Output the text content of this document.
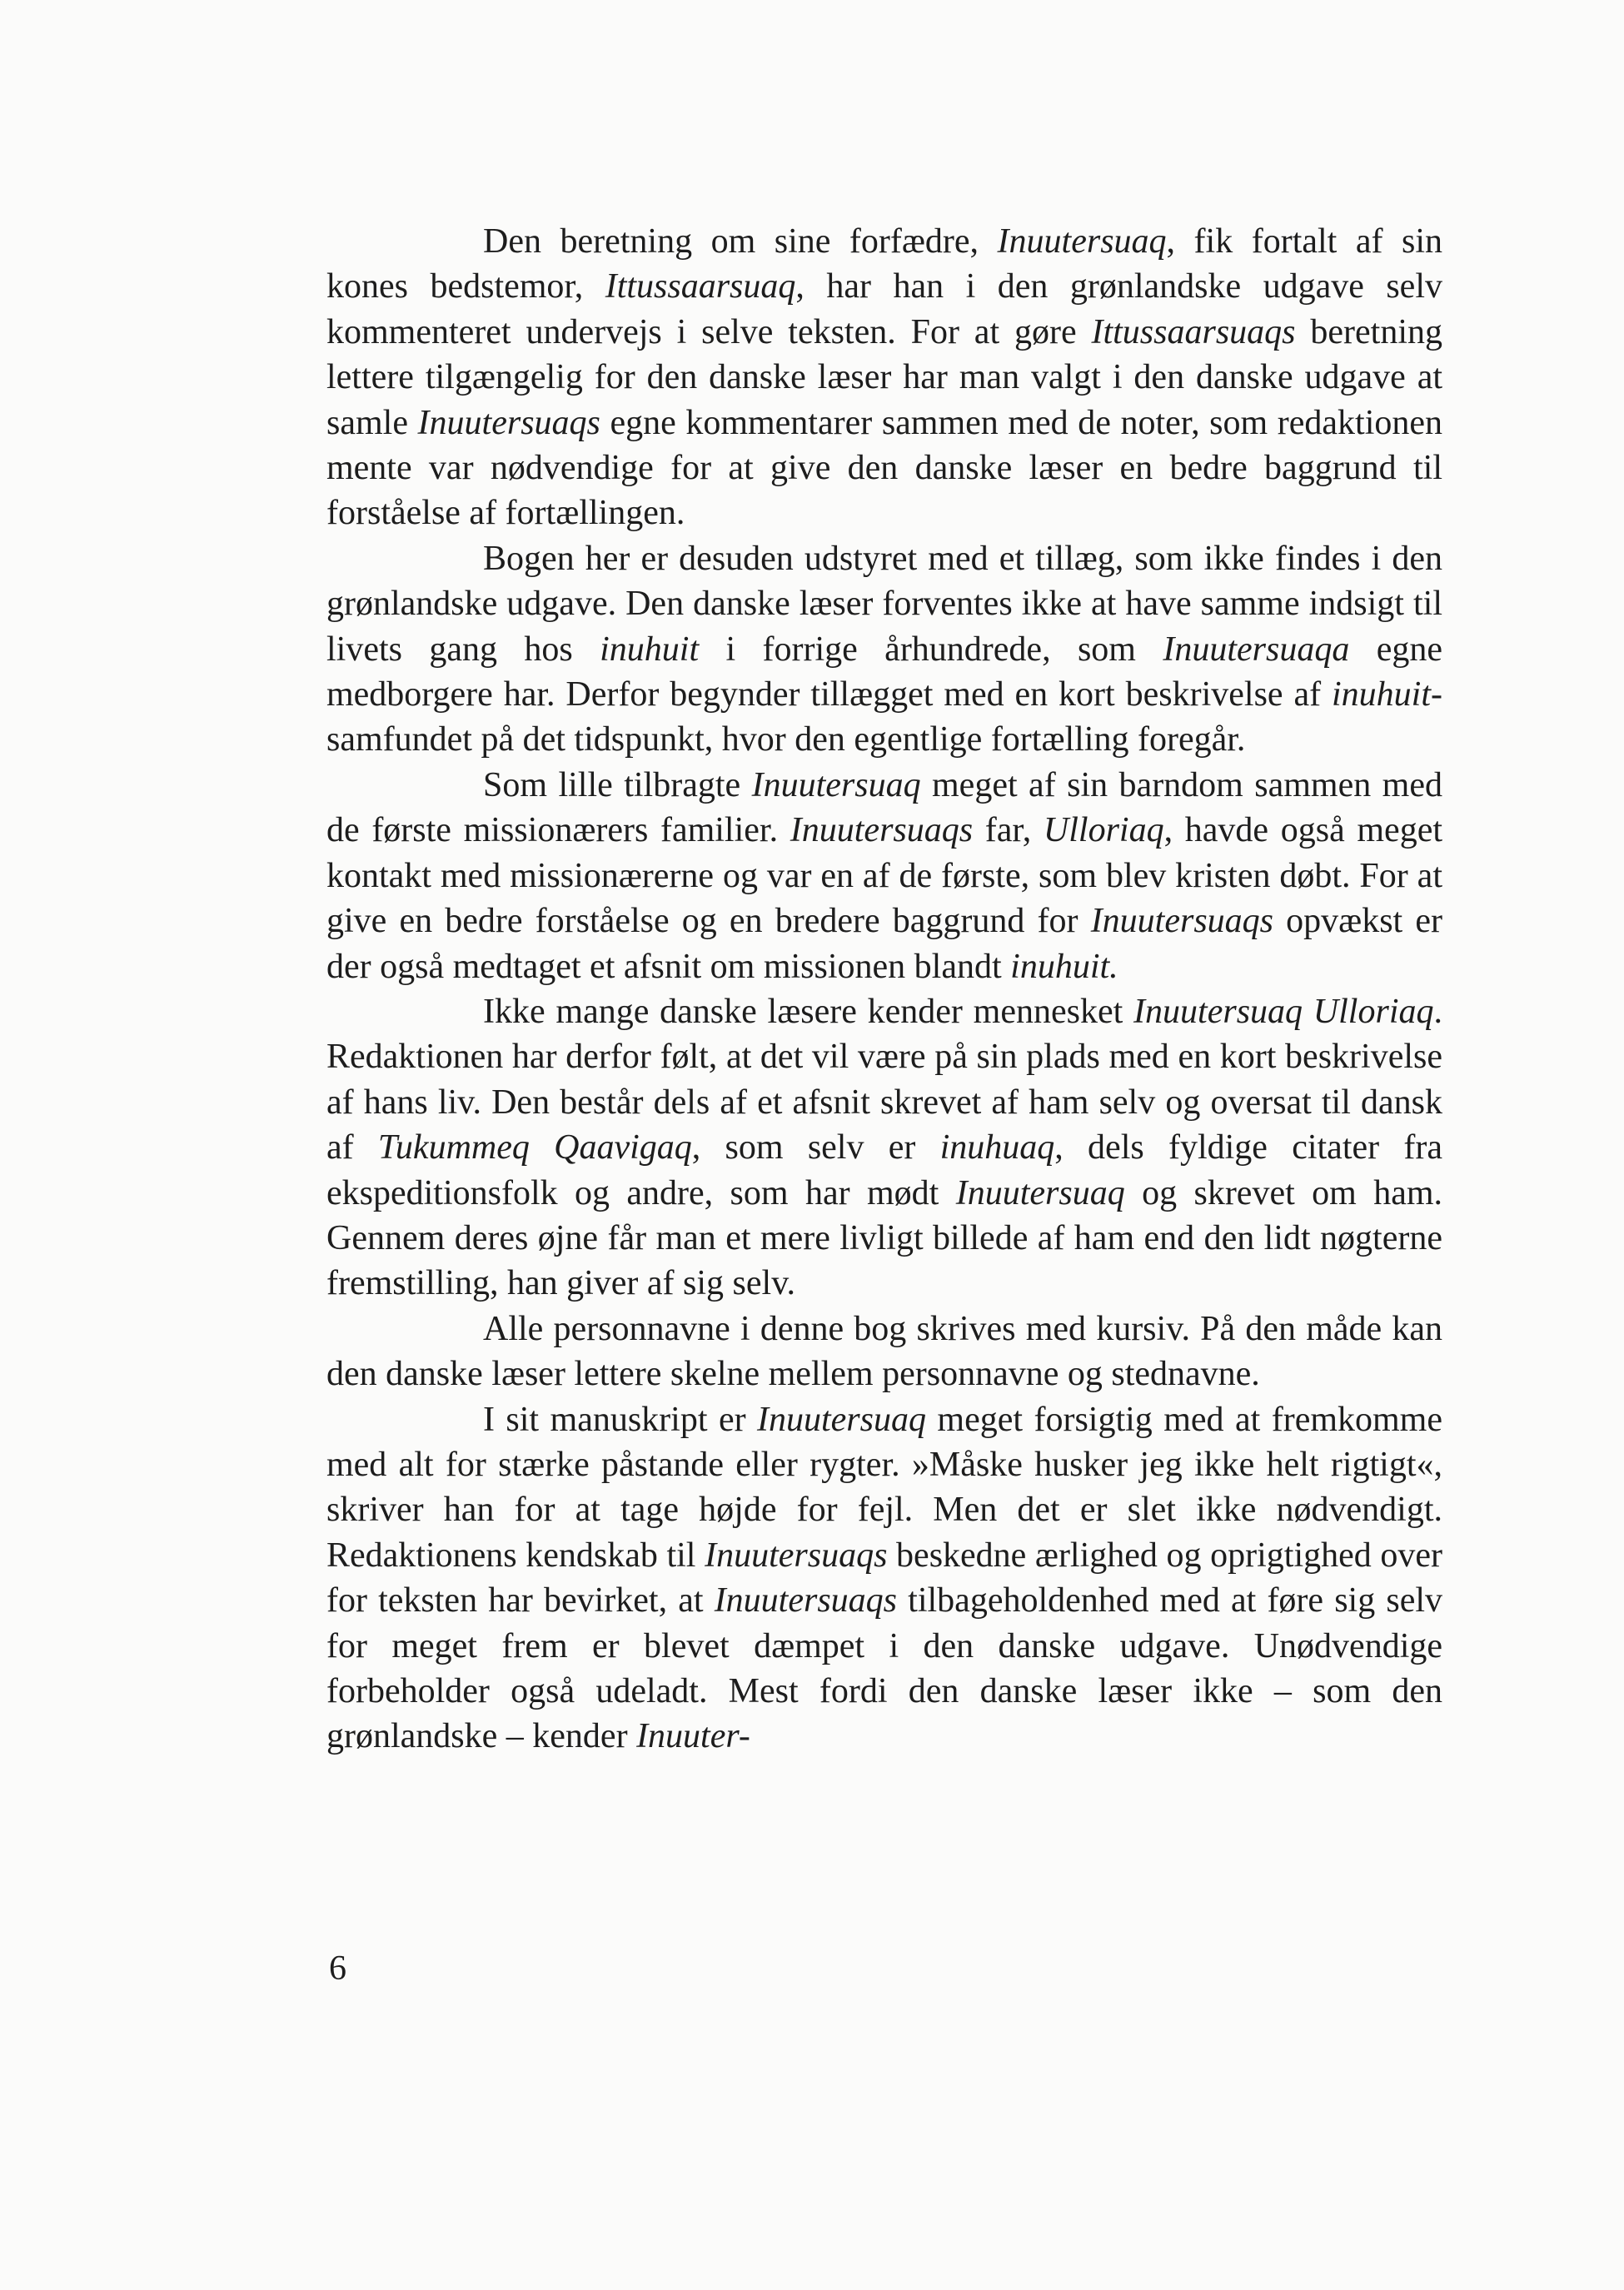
Den beretning om sine forfædre, Inuutersuaq, fik fortalt af sin kones bedstemor, Ittussaarsuaq, har han i den grønlandske udgave selv kommenteret undervejs i selve teksten. For at gøre Ittussaarsuaqs beretning lettere tilgængelig for den danske læser har man valgt i den danske udgave at samle Inuutersuaqs egne kommentarer sammen med de noter, som redaktionen mente var nødvendige for at give den danske læser en bedre baggrund til forståelse af fortællingen.

Bogen her er desuden udstyret med et tillæg, som ikke findes i den grønlandske udgave. Den danske læser forventes ikke at have samme indsigt til livets gang hos inuhuit i forrige århundrede, som Inuutersuaqa egne medborgere har. Derfor begynder tillægget med en kort beskrivelse af inuhuit-samfundet på det tidspunkt, hvor den egentlige fortælling foregår.

Som lille tilbragte Inuutersuaq meget af sin barndom sammen med de første missionærers familier. Inuutersuaqs far, Ulloriaq, havde også meget kontakt med missionærerne og var en af de første, som blev kristen døbt. For at give en bedre forståelse og en bredere baggrund for Inuutersuaqs opvækst er der også medtaget et afsnit om missionen blandt inuhuit.

Ikke mange danske læsere kender mennesket Inuutersuaq Ulloriaq. Redaktionen har derfor følt, at det vil være på sin plads med en kort beskrivelse af hans liv. Den består dels af et afsnit skrevet af ham selv og oversat til dansk af Tukummeq Qaavigaq, som selv er inuhuaq, dels fyldige citater fra ekspeditionsfolk og andre, som har mødt Inuutersuaq og skrevet om ham. Gennem deres øjne får man et mere livligt billede af ham end den lidt nøgterne fremstilling, han giver af sig selv.

Alle personnavne i denne bog skrives med kursiv. På den måde kan den danske læser lettere skelne mellem personnavne og stednavne.

I sit manuskript er Inuutersuaq meget forsigtig med at fremkomme med alt for stærke påstande eller rygter. »Måske husker jeg ikke helt rigtigt«, skriver han for at tage højde for fejl. Men det er slet ikke nødvendigt. Redaktionens kendskab til Inuutersuaqs beskedne ærlighed og oprigtighed over for teksten har bevirket, at Inuutersuaqs tilbageholdenhed med at føre sig selv for meget frem er blevet dæmpet i den danske udgave. Unødvendige forbeholder også udeladt. Mest fordi den danske læser ikke – som den grønlandske – kender Inuuter-

6
